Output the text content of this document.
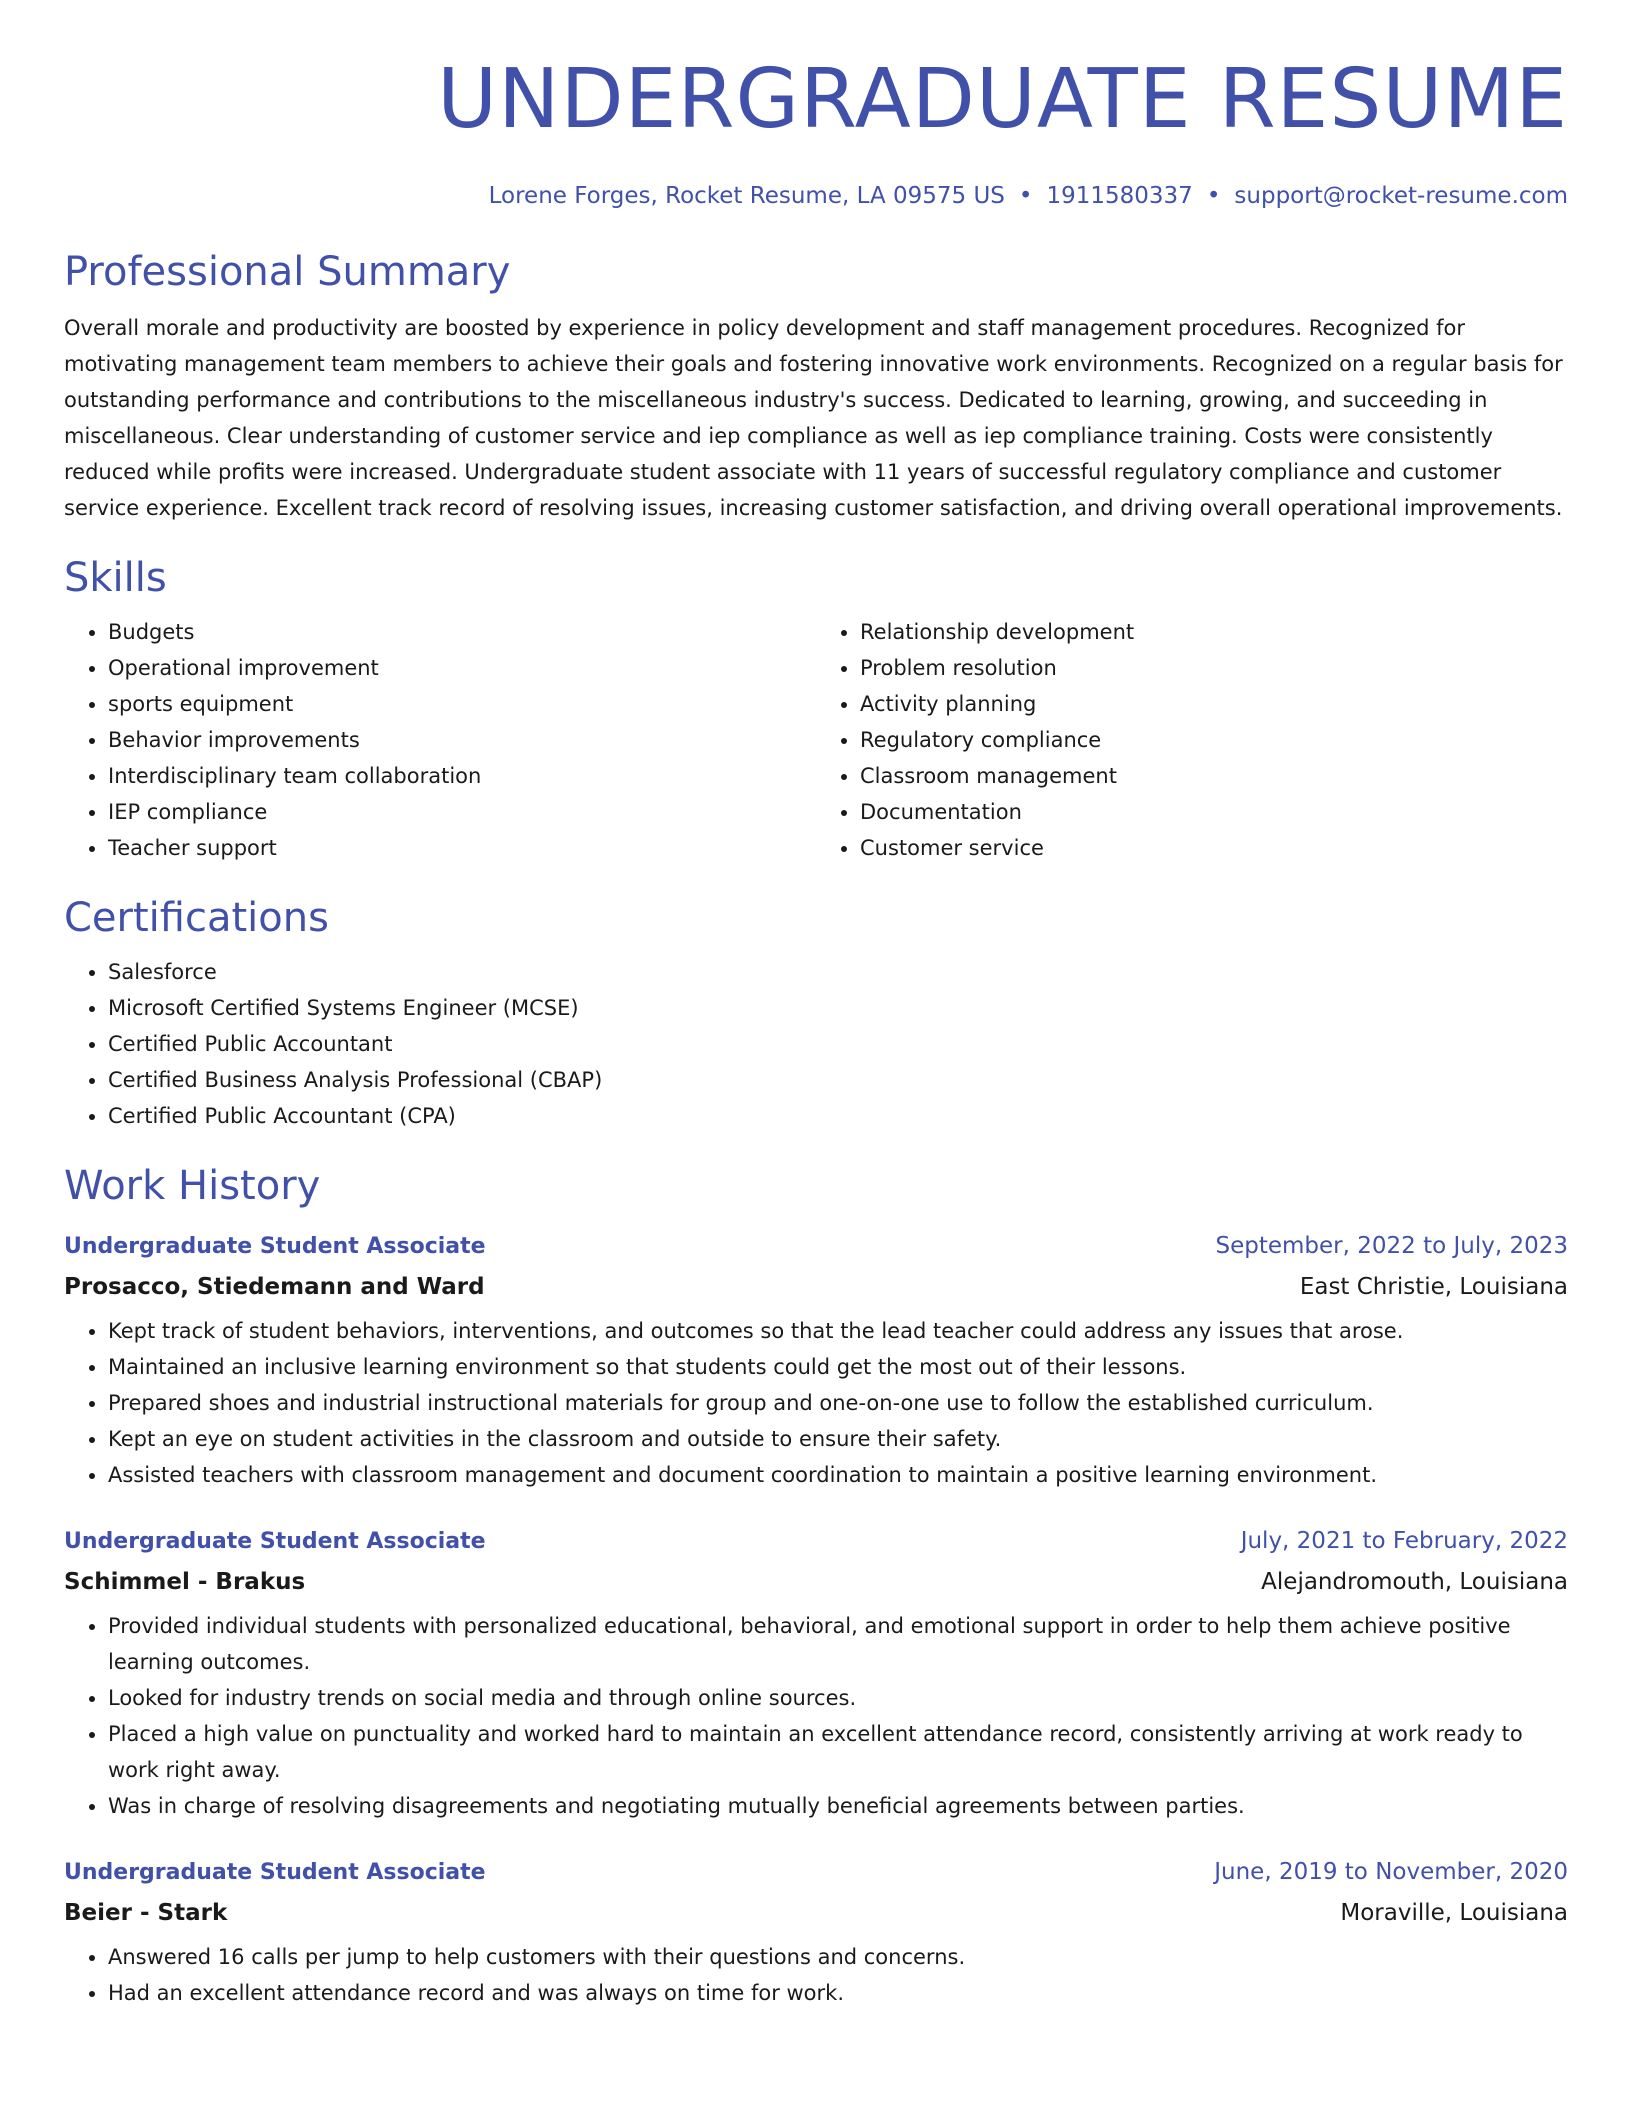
UNDERGRADUATE RESUME
Lorene Forges, Rocket Resume, LA 09575 US • 1911580337 • support@rocket-resume.com
Professional Summary

Overall morale and productivity are boosted by experience in policy development and staff management procedures. Recognized for motivating management team members to achieve their goals and fostering innovative work environments. Recognized on a regular basis for outstanding performance and contributions to the miscellaneous industry's success. Dedicated to learning, growing, and succeeding in miscellaneous. Clear understanding of customer service and iep compliance as well as iep compliance training. Costs were consistently reduced while profits were increased. Undergraduate student associate with 11 years of successful regulatory compliance and customer service experience. Excellent track record of resolving issues, increasing customer satisfaction, and driving overall operational improvements.

Skills
• Budgets
• Operational improvement
• sports equipment
• Behavior improvements
• Interdisciplinary team collaboration
• IEP compliance
• Teacher support
• Relationship development
• Problem resolution
• Activity planning
• Regulatory compliance
• Classroom management
• Documentation
• Customer service
Certifications
• Salesforce
• Microsoft Certified Systems Engineer (MCSE)
• Certified Public Accountant
• Certified Business Analysis Professional (CBAP)
• Certified Public Accountant (CPA)
Work History
Undergraduate Student Associate	September, 2022 to July, 2023
Prosacco, Stiedemann and Ward	East Christie, Louisiana
• Kept track of student behaviors, interventions, and outcomes so that the lead teacher could address any issues that arose.
• Maintained an inclusive learning environment so that students could get the most out of their lessons.
• Prepared shoes and industrial instructional materials for group and one-on-one use to follow the established curriculum.
• Kept an eye on student activities in the classroom and outside to ensure their safety.
• Assisted teachers with classroom management and document coordination to maintain a positive learning environment.
Undergraduate Student Associate	July, 2021 to February, 2022
Schimmel - Brakus	Alejandromouth, Louisiana
• Provided individual students with personalized educational, behavioral, and emotional support in order to help them achieve positive learning outcomes.
• Looked for industry trends on social media and through online sources.
• Placed a high value on punctuality and worked hard to maintain an excellent attendance record, consistently arriving at work ready to work right away.
• Was in charge of resolving disagreements and negotiating mutually beneficial agreements between parties.
Undergraduate Student Associate	June, 2019 to November, 2020
Beier - Stark	Moraville, Louisiana
• Answered 16 calls per jump to help customers with their questions and concerns.
• Had an excellent attendance record and was always on time for work.
